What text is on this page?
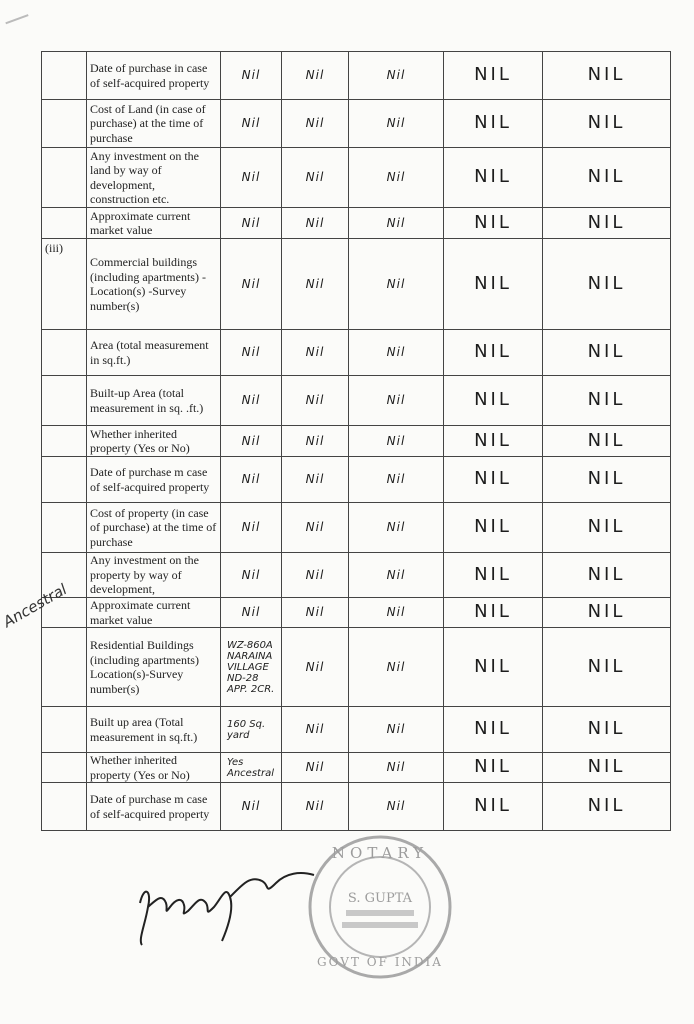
	Date of purchase in case of self-acquired property	Nil	Nil	Nil	NIL	NIL
	Cost of Land (in case of purchase) at the time of purchase	Nil	Nil	Nil	NIL	NIL
	Any investment on the land by way of development, construction etc.	Nil	Nil	Nil	NIL	NIL
	Approximate current market value	Nil	Nil	Nil	NIL	NIL
(iii)	Commercial buildings (including apartments) -Location(s) -Survey number(s)	Nil	Nil	Nil	NIL	NIL
	Area (total measurement in sq.ft.)	Nil	Nil	Nil	NIL	NIL
	Built-up Area (total measurement in sq. .ft.)	Nil	Nil	Nil	NIL	NIL
	Whether inherited property (Yes or No)	Nil	Nil	Nil	NIL	NIL
	Date of purchase m case of self-acquired property	Nil	Nil	Nil	NIL	NIL
	Cost of property (in case of purchase) at the time of purchase	Nil	Nil	Nil	NIL	NIL
	Any investment on the property by way of development,	Nil	Nil	Nil	NIL	NIL
	Approximate current market value	Nil	Nil	Nil	NIL	NIL
	Residential Buildings (including apartments) Location(s)-Survey number(s)	WZ-860A NARAINA VILLAGE ND-28 APP. 2CR.	Nil	Nil	NIL	NIL
	Built up area (Total measurement in sq.ft.)	160 Sq. yard	Nil	Nil	NIL	NIL
	Whether inherited property (Yes or No)	Yes Ancestral	Nil	Nil	NIL	NIL
	Date of purchase m case of self-acquired property	Nil	Nil	Nil	NIL	NIL
Ancestral
NOTARY
S. GUPTA
GOVT OF INDIA
